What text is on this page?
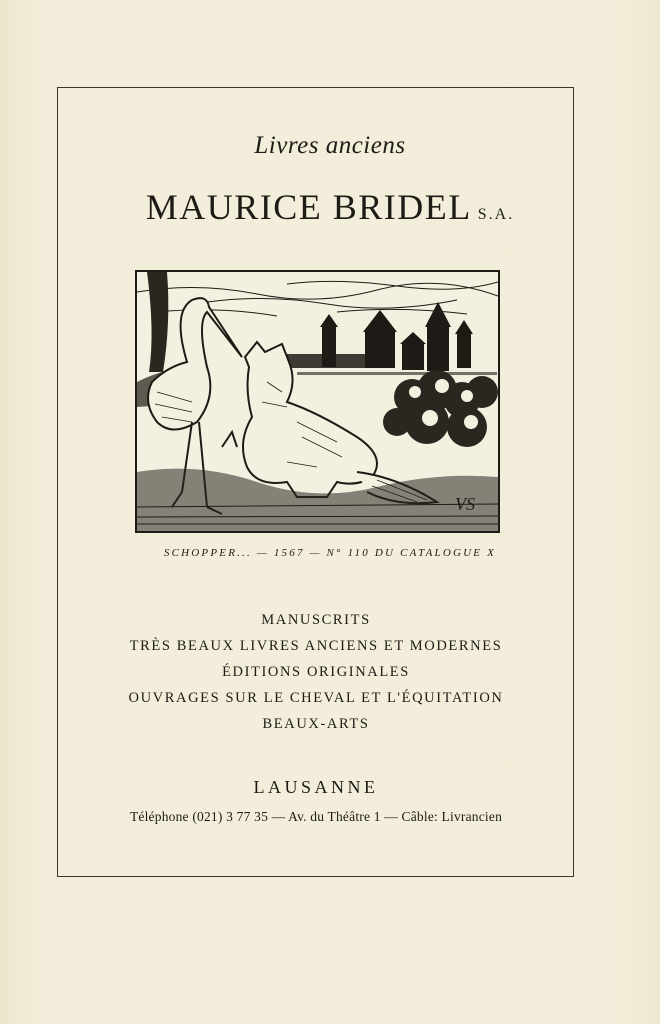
Livres anciens
MAURICE BRIDEL S.A.
VS
SCHOPPER... — 1567 — N° 110 DU CATALOGUE X
MANUSCRITS
TRÈS BEAUX LIVRES ANCIENS ET MODERNES
ÉDITIONS ORIGINALES
OUVRAGES SUR LE CHEVAL ET L'ÉQUITATION
BEAUX-ARTS
LAUSANNE
Téléphone (021) 3 77 35 — Av. du Théâtre 1 — Câble: Livrancien
